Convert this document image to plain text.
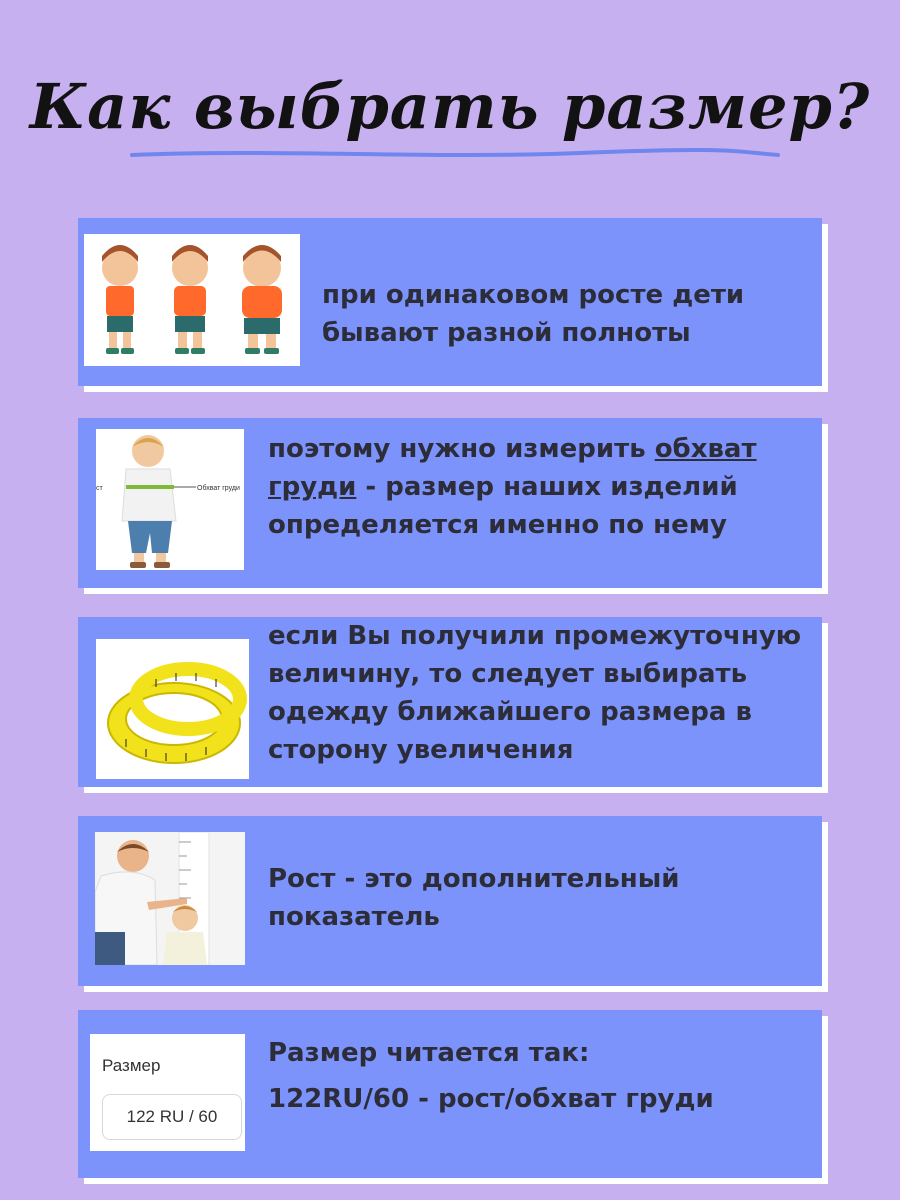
Как выбрать размер?
при одинаковом росте дети бывают разной полноты
Обхват груди
ст
поэтому нужно измерить обхват груди - размер наших изделий определяется именно по нему
если Вы получили промежуточную величину, то следует выбирать одежду ближайшего размера в сторону увеличения
Рост - это дополнительный показатель
Размер
122 RU / 60
Размер читается так:
122RU/60 - рост/обхват груди
